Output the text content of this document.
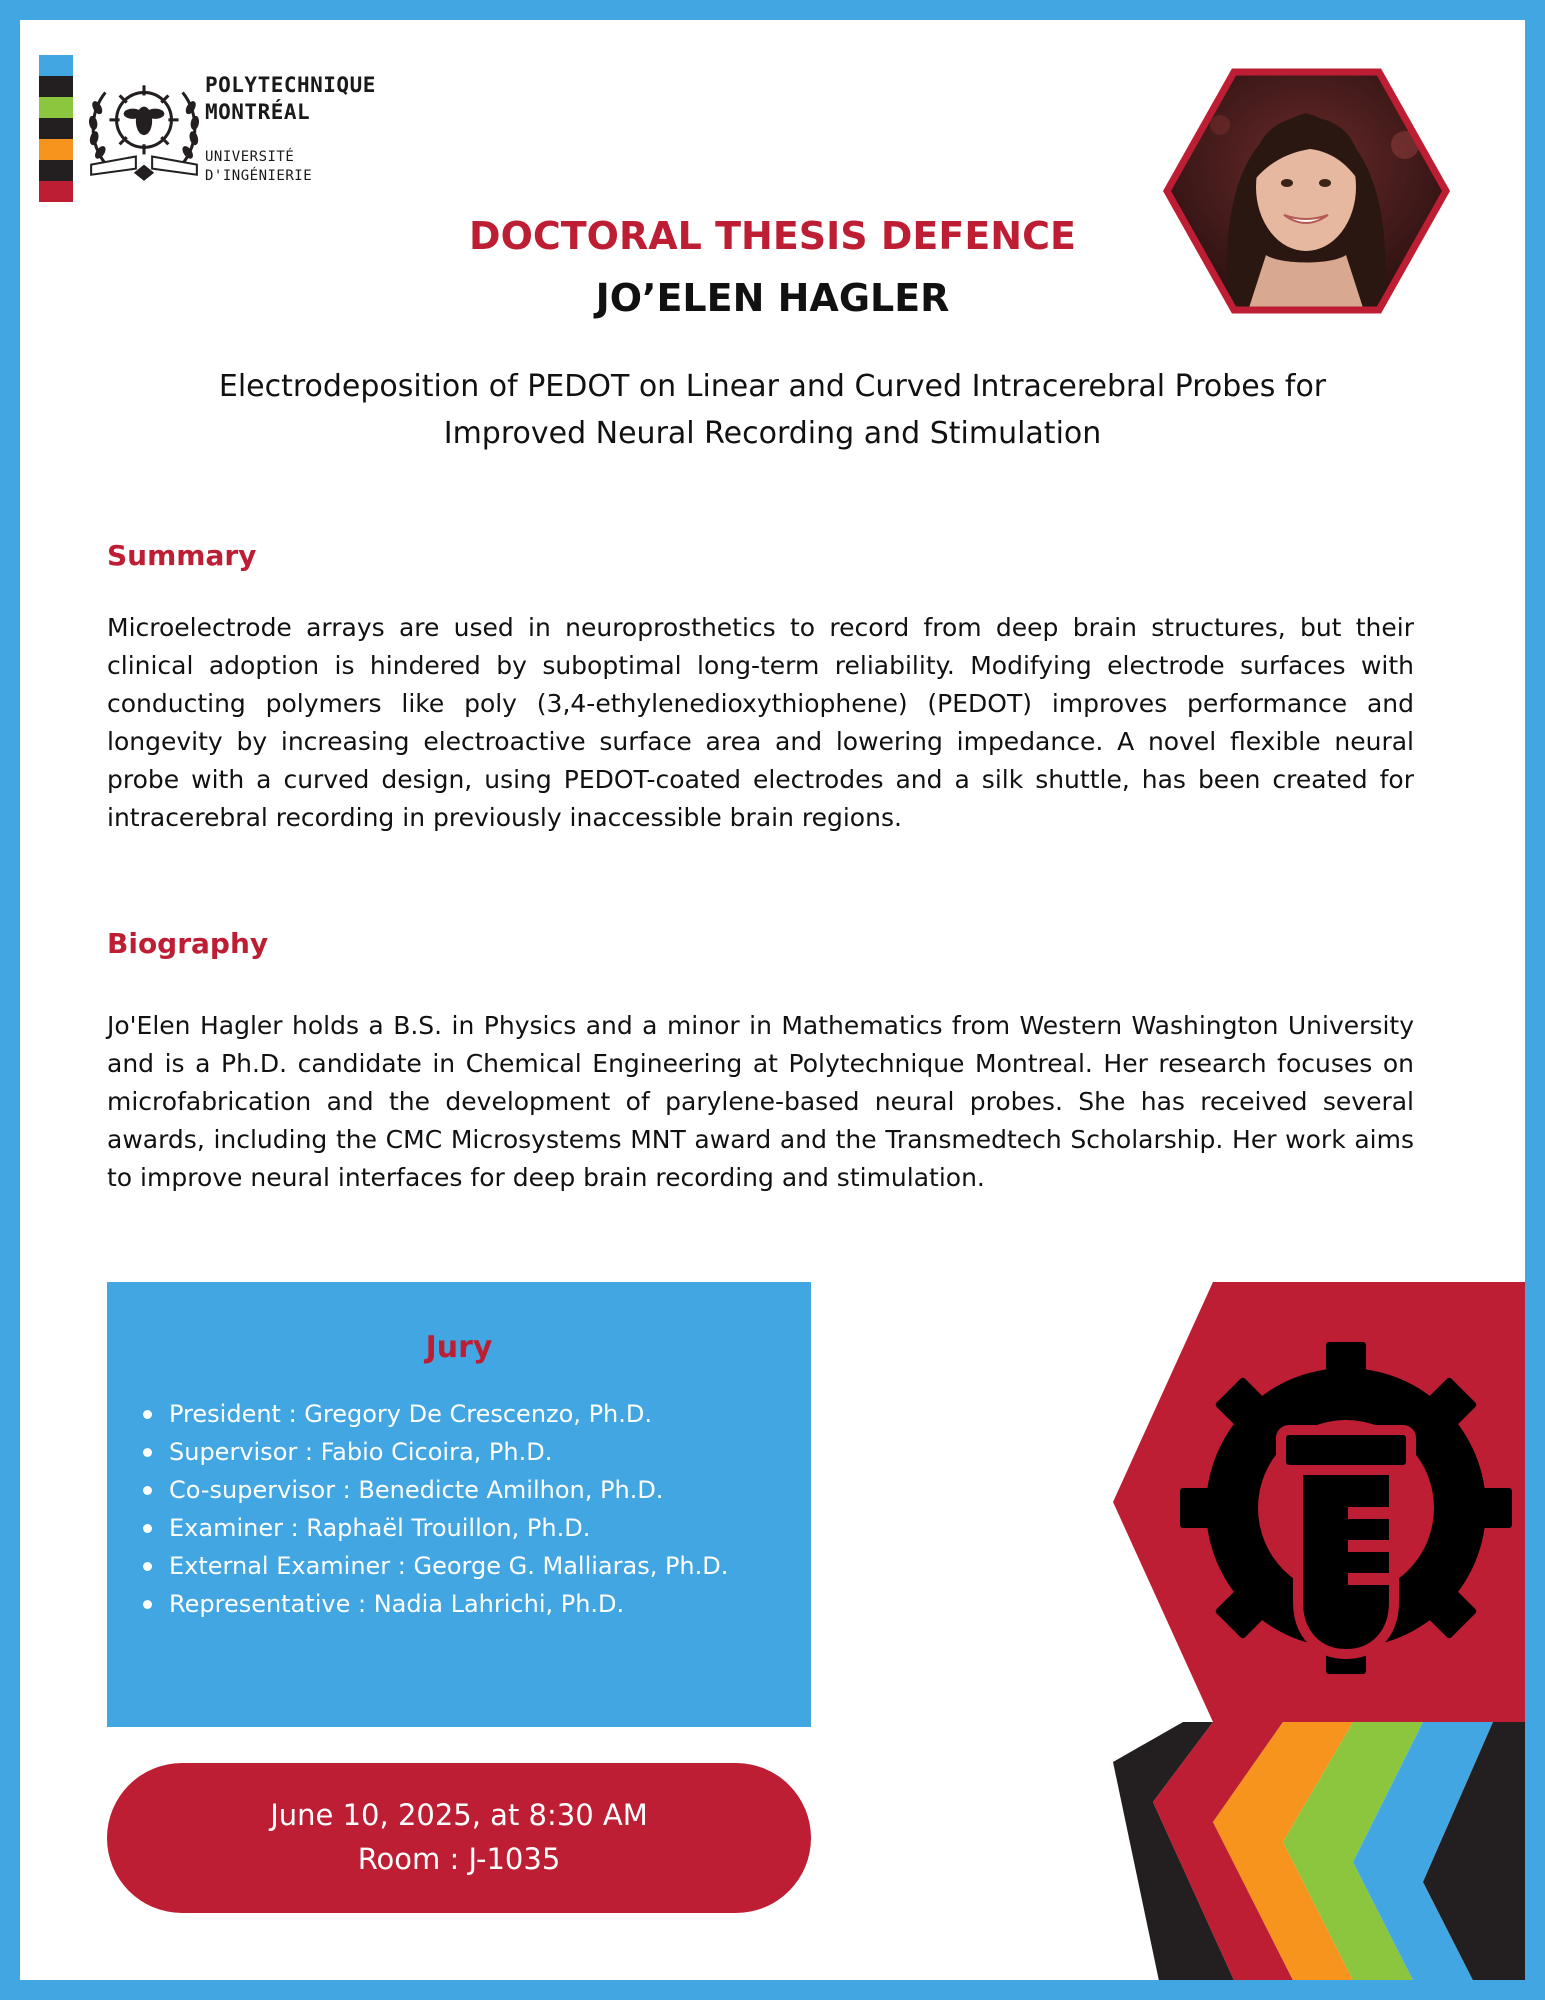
POLYTECHNIQUE
MONTRÉAL
UNIVERSITÉ
D'INGÉNIERIE
DOCTORAL THESIS DEFENCE
JO’ELEN HAGLER
Electrodeposition of PEDOT on Linear and Curved Intracerebral Probes for
Improved Neural Recording and Stimulation
Summary
Microelectrode arrays are used in neuroprosthetics to record from deep brain structures, but their clinical adoption is hindered by suboptimal long-term reliability. Modifying electrode surfaces with conducting polymers like poly (3,4-ethylenedioxythiophene) (PEDOT) improves performance and longevity by increasing electroactive surface area and lowering impedance. A novel flexible neural probe with a curved design, using PEDOT-coated electrodes and a silk shuttle, has been created for intracerebral recording in previously inaccessible brain regions.
Biography
Jo'Elen Hagler holds a B.S. in Physics and a minor in Mathematics from Western Washington University and is a Ph.D. candidate in Chemical Engineering at Polytechnique Montreal. Her research focuses on microfabrication and the development of parylene-based neural probes. She has received several awards, including the CMC Microsystems MNT award and the Transmedtech Scholarship. Her work aims to improve neural interfaces for deep brain recording and stimulation.
Jury
President : Gregory De Crescenzo, Ph.D.
Supervisor : Fabio Cicoira, Ph.D.
Co-supervisor : Benedicte Amilhon, Ph.D.
Examiner : Raphaël Trouillon, Ph.D.
External Examiner : George G. Malliaras, Ph.D.
Representative : Nadia Lahrichi, Ph.D.
June 10, 2025, at 8:30 AM
Room : J-1035
